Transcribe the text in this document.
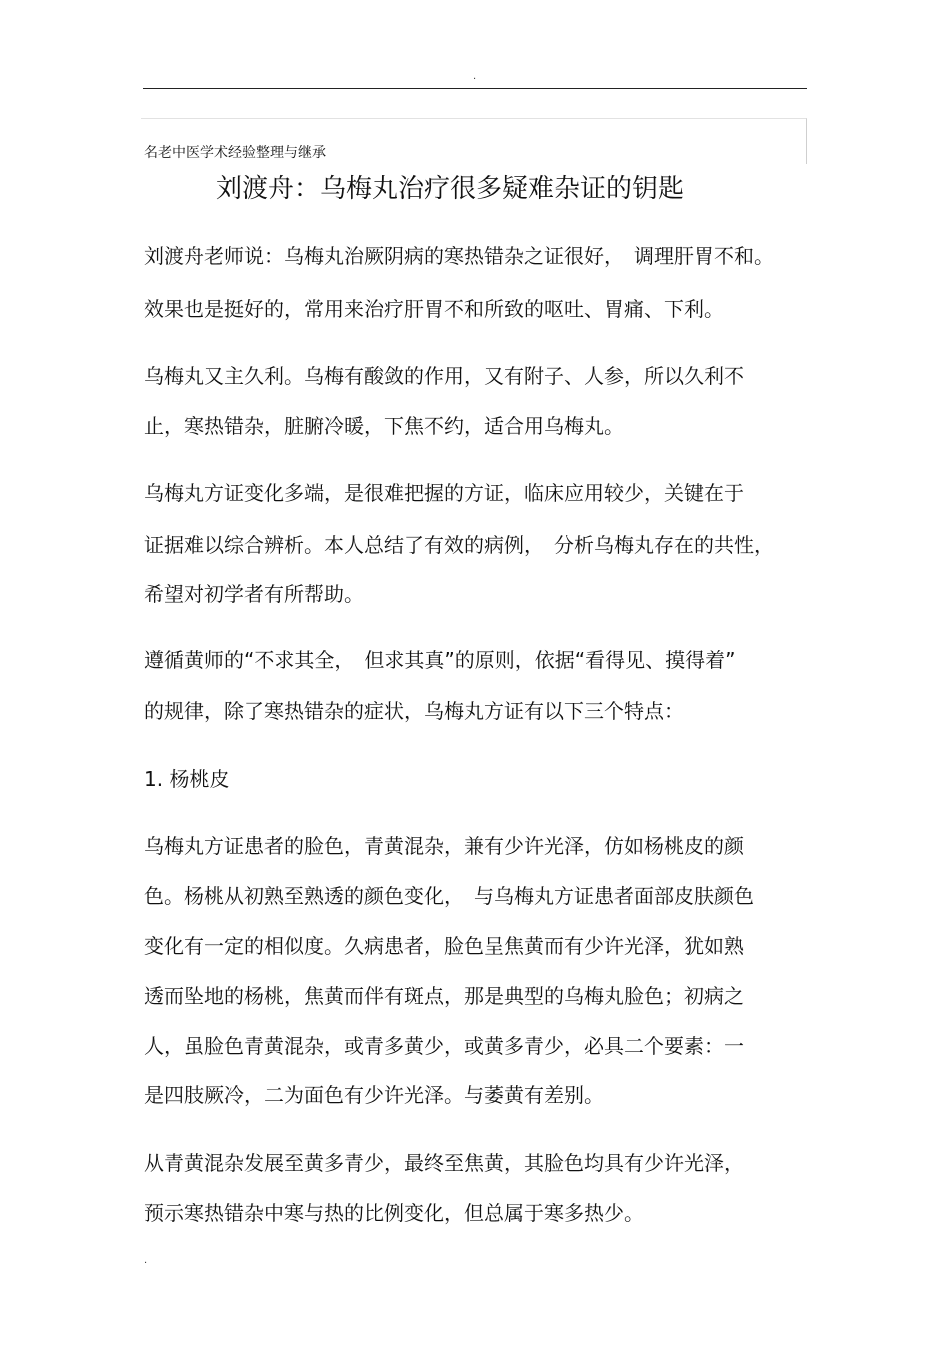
.
名老中医学术经验整理与继承
刘渡舟：乌梅丸治疗很多疑难杂证的钥匙
刘渡舟老师说：乌梅丸治厥阴病的寒热错杂之证很好，　调理肝胃不和。
效果也是挺好的，常用来治疗肝胃不和所致的呕吐、胃痛、下利。
乌梅丸又主久利。乌梅有酸敛的作用，又有附子、人参，所以久利不
止，寒热错杂，脏腑冷暖，下焦不约，适合用乌梅丸。
乌梅丸方证变化多端，是很难把握的方证，临床应用较少，关键在于
证据难以综合辨析。本人总结了有效的病例，　分析乌梅丸存在的共性，
希望对初学者有所帮助。
遵循黄师的“不求其全，　但求其真”的原则，依据“看得见、摸得着”
的规律，除了寒热错杂的症状，乌梅丸方证有以下三个特点：
1. 杨桃皮
乌梅丸方证患者的脸色，青黄混杂，兼有少许光泽，仿如杨桃皮的颜
色。杨桃从初熟至熟透的颜色变化，　与乌梅丸方证患者面部皮肤颜色
变化有一定的相似度。久病患者，脸色呈焦黄而有少许光泽，犹如熟
透而坠地的杨桃，焦黄而伴有斑点，那是典型的乌梅丸脸色；初病之
人，虽脸色青黄混杂，或青多黄少，或黄多青少，必具二个要素：一
是四肢厥冷，二为面色有少许光泽。与萎黄有差别。
从青黄混杂发展至黄多青少，最终至焦黄，其脸色均具有少许光泽，
预示寒热错杂中寒与热的比例变化，但总属于寒多热少。
.
